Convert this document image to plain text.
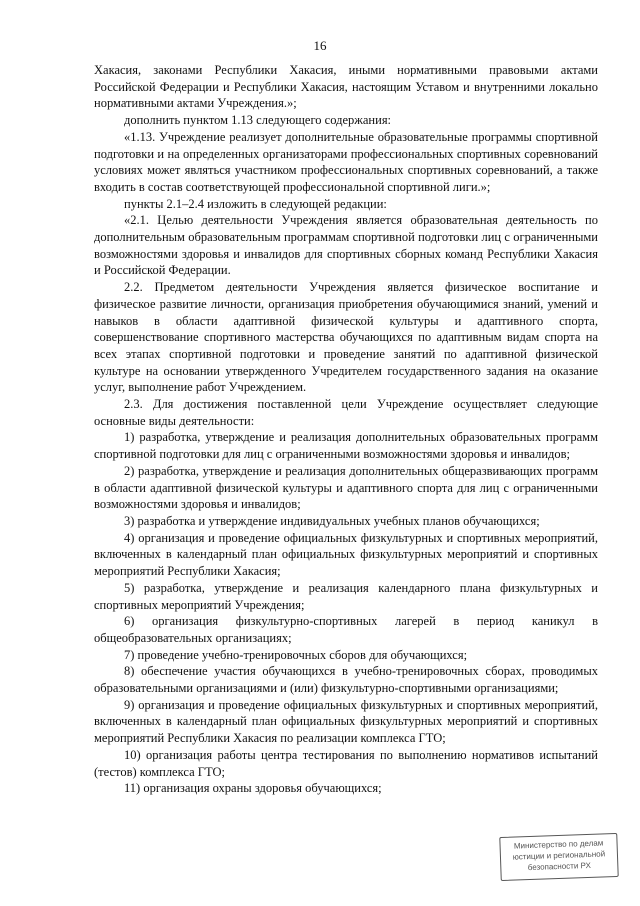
16

Хакасия, законами Республики Хакасия, иными нормативными правовыми актами Российской Федерации и Республики Хакасия, настоящим Уставом и внутренними локально нормативными актами Учреждения.»;

дополнить пунктом 1.13 следующего содержания:

«1.13. Учреждение реализует дополнительные образовательные программы спортивной подготовки и на определенных организаторами профессиональных спортивных соревнований условиях может являться участником профессиональных спортивных соревнований, а также входить в состав соответствующей профессиональной спортивной лиги.»;

пункты 2.1–2.4 изложить в следующей редакции:

«2.1. Целью деятельности Учреждения является образовательная деятельность по дополнительным образовательным программам спортивной подготовки лиц с ограниченными возможностями здоровья и инвалидов для спортивных сборных команд Республики Хакасия и Российской Федерации.

2.2. Предметом деятельности Учреждения является физическое воспитание и физическое развитие личности, организация приобретения обучающимися знаний, умений и навыков в области адаптивной физической культуры и адаптивного спорта, совершенствование спортивного мастерства обучающихся по адаптивным видам спорта на всех этапах спортивной подготовки и проведение занятий по адаптивной физической культуре на основании утвержденного Учредителем государственного задания на оказание услуг, выполнение работ Учреждением.

2.3. Для достижения поставленной цели Учреждение осуществляет следующие основные виды деятельности:

1) разработка, утверждение и реализация дополнительных образовательных программ спортивной подготовки для лиц с ограниченными возможностями здоровья и инвалидов;

2) разработка, утверждение и реализация дополнительных общеразвивающих программ в области адаптивной физической культуры и адаптивного спорта для лиц с ограниченными возможностями здоровья и инвалидов;

3) разработка и утверждение индивидуальных учебных планов обучающихся;

4) организация и проведение официальных физкультурных и спортивных мероприятий, включенных в календарный план официальных физкультурных мероприятий и спортивных мероприятий Республики Хакасия;

5) разработка, утверждение и реализация календарного плана физкультурных и спортивных мероприятий Учреждения;

6) организация физкультурно-спортивных лагерей в период каникул в общеобразовательных организациях;

7) проведение учебно-тренировочных сборов для обучающихся;

8) обеспечение участия обучающихся в учебно-тренировочных сборах, проводимых образовательными организациями и (или) физкультурно-спортивными организациями;

9) организация и проведение официальных физкультурных и спортивных мероприятий, включенных в календарный план официальных физкультурных мероприятий и спортивных мероприятий Республики Хакасия по реализации комплекса ГТО;

10) организация работы центра тестирования по выполнению нормативов испытаний (тестов) комплекса ГТО;

11) организация охраны здоровья обучающихся;

Министерство по делам
юстиции и региональной
безопасности РХ
